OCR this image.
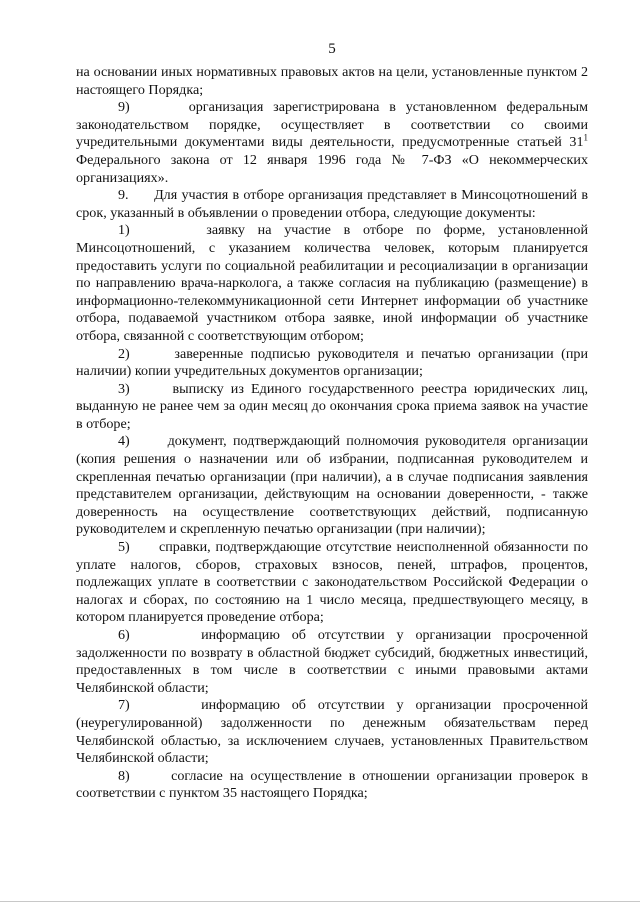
5

на основании иных нормативных правовых актов на цели, установленные пунктом 2 настоящего Порядка;

9)      организация зарегистрирована в установленном федеральным законодательством порядке, осуществляет в соответствии со своими учредительными документами виды деятельности, предусмотренные статьей $31^1$ Федерального закона от 12 января 1996 года № 7-ФЗ «О некоммерческих организациях».

9.      Для участия в отборе организация представляет в Минсоцотношений в срок, указанный в объявлении о проведении отбора, следующие документы:

1)      заявку на участие в отборе по форме, установленной Минсоцотношений, с указанием количества человек, которым планируется предоставить услуги по социальной реабилитации и ресоциализации в организации по направлению врача-нарколога, а также согласия на публикацию (размещение) в информационно-телекоммуникационной сети Интернет информации об участнике отбора, подаваемой участником отбора заявке, иной информации об участнике отбора, связанной с соответствующим отбором;

2)      заверенные подписью руководителя и печатью организации (при наличии) копии учредительных документов организации;

3)      выписку из Единого государственного реестра юридических лиц, выданную не ранее чем за один месяц до окончания срока приема заявок на участие в отборе;

4)      документ, подтверждающий полномочия руководителя организации (копия решения о назначении или об избрании, подписанная руководителем и скрепленная печатью организации (при наличии), а в случае подписания заявления представителем организации, действующим на основании доверенности, - также доверенность на осуществление соответствующих действий, подписанную руководителем и скрепленную печатью организации (при наличии);

5)      справки, подтверждающие отсутствие неисполненной обязанности по уплате налогов, сборов, страховых взносов, пеней, штрафов, процентов, подлежащих уплате в соответствии с законодательством Российской Федерации о налогах и сборах, по состоянию на 1 число месяца, предшествующего месяцу, в котором планируется проведение отбора;

6)      информацию об отсутствии у организации просроченной задолженности по возврату в областной бюджет субсидий, бюджетных инвестиций, предоставленных в том числе в соответствии с иными правовыми актами Челябинской области;

7)      информацию об отсутствии у организации просроченной (неурегулированной) задолженности по денежным обязательствам перед Челябинской областью, за исключением случаев, установленных Правительством Челябинской области;

8)      согласие на осуществление в отношении организации проверок в соответствии с пунктом 35 настоящего Порядка;
